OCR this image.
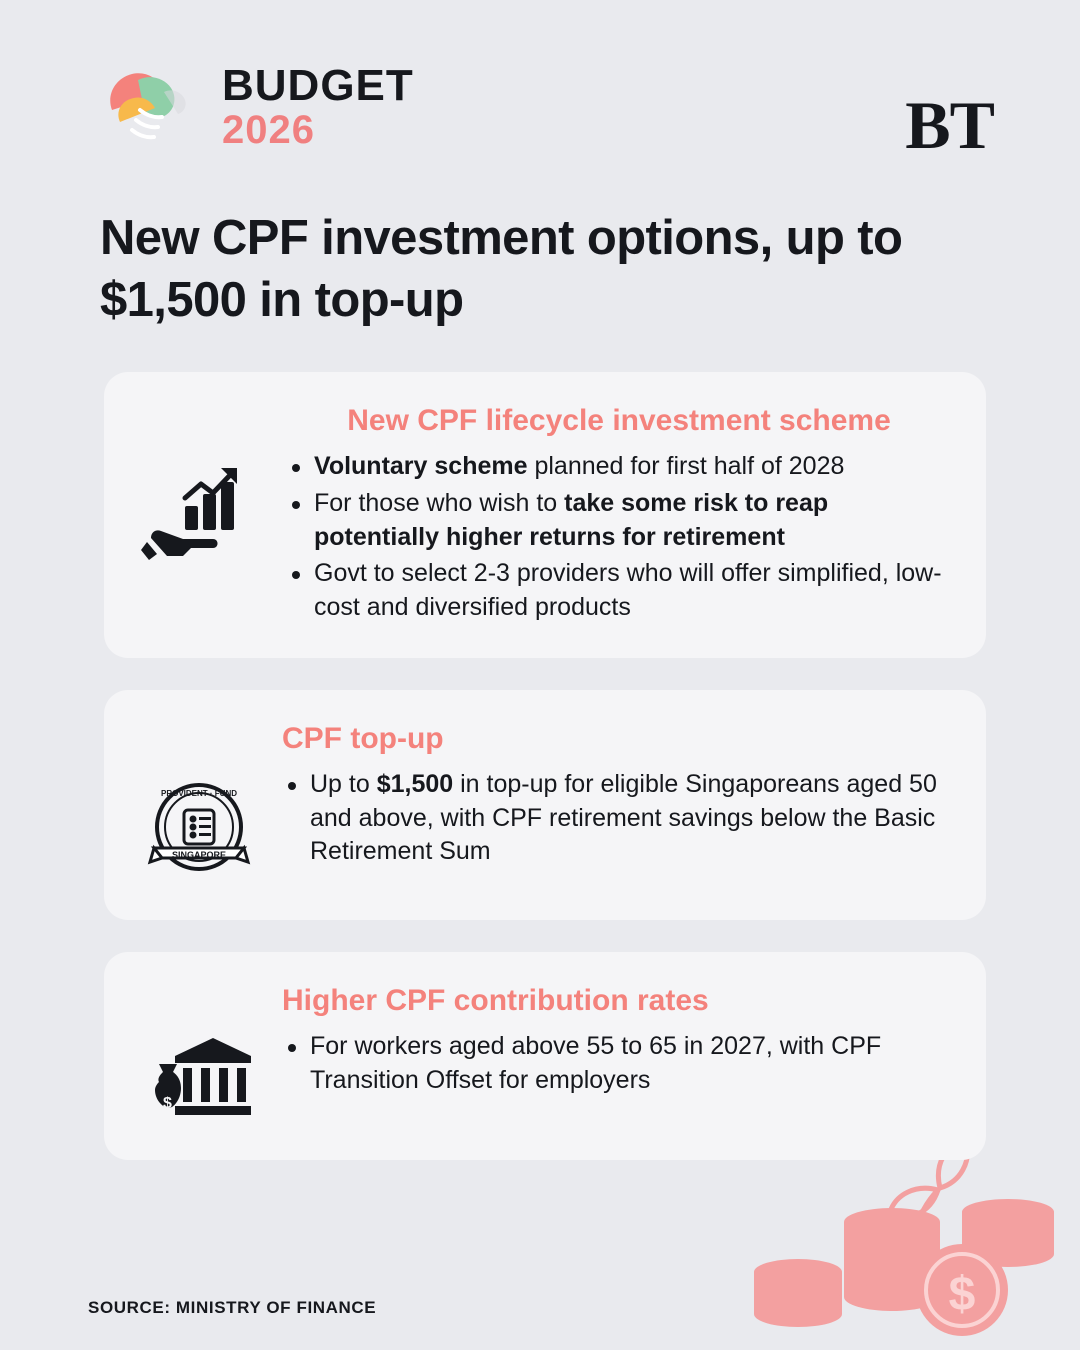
BUDGET
2026	BT
New CPF investment options, up to $1,500 in top-up
New CPF lifecycle investment scheme
Voluntary scheme planned for first half of 2028
For those who wish to take some risk to reap potentially higher returns for retirement
Govt to select 2-3 providers who will offer simplified, low-cost and diversified products
SINGAPORE
PROVIDENT · FUND
CPF top-up
Up to $1,500 in top-up for eligible Singaporeans aged 50 and above, with CPF retirement savings below the Basic Retirement Sum
$
Higher CPF contribution rates
For workers aged above 55 to 65 in 2027, with CPF Transition Offset for employers
$
SOURCE: MINISTRY OF FINANCE
